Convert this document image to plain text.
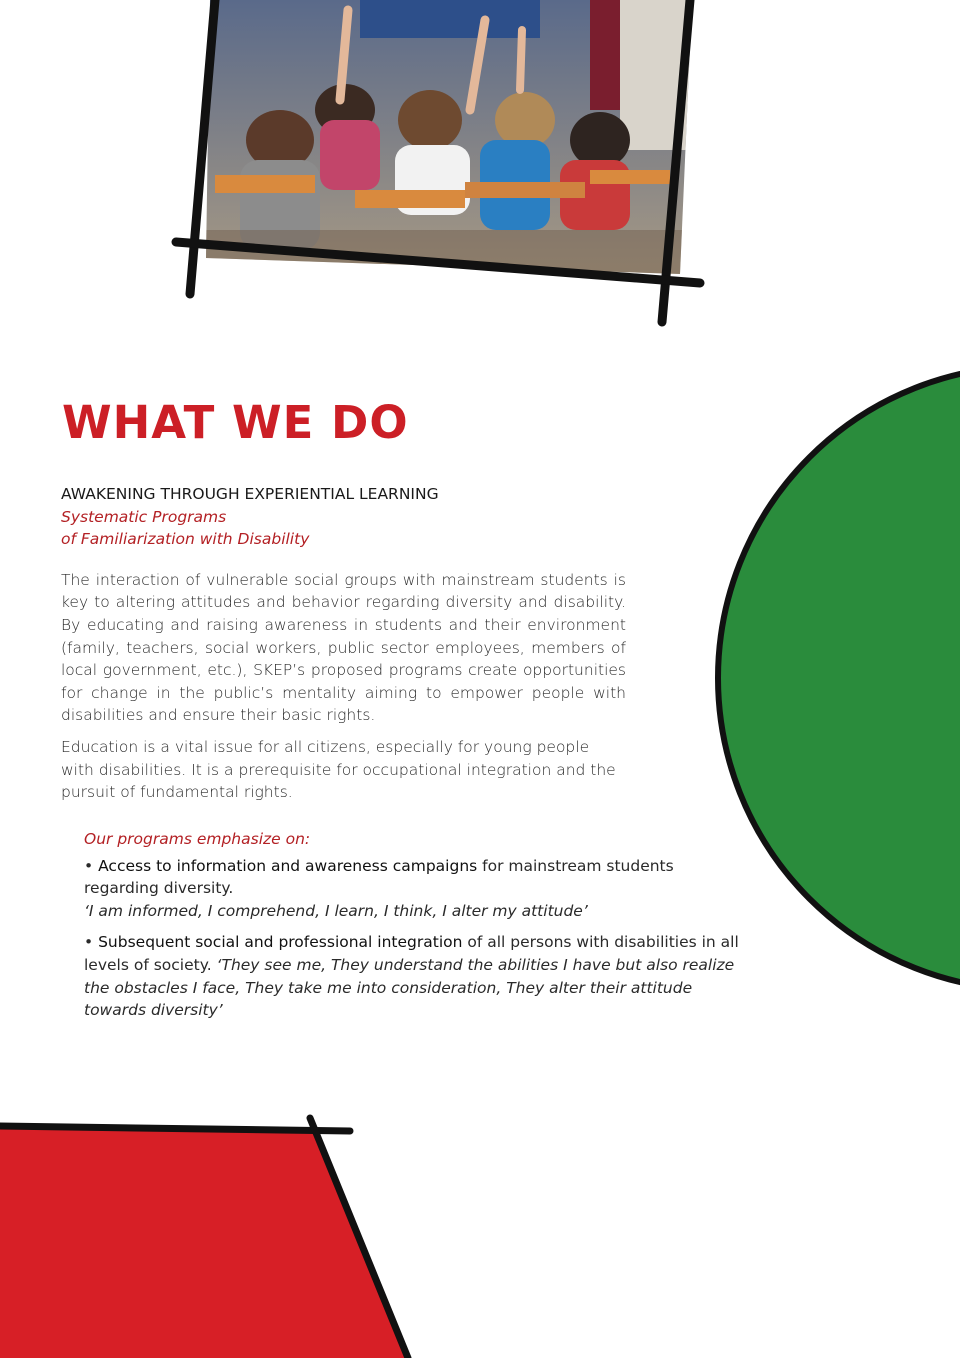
WHAT WE DO

AWAKENING THROUGH EXPERIENTIAL LEARNING

Systematic Programs

of Familiarization with Disability

The interaction of vulnerable social groups with mainstream students is key to altering attitudes and behavior regarding diversity and disability. By educating and raising awareness in students and their environment (family, teachers, social workers, public sector employees, members of local government, etc.), SKEP’s proposed programs create opportunities for change in the public’s mentality aiming to empower people with disabilities and ensure their basic rights.

Education is a vital issue for all citizens, especially for young people with disabilities. It is a prerequisite for occupational integration and the pursuit of fundamental rights.

Our programs emphasize on:

• Access to information and awareness campaigns for mainstream students regarding diversity.
‘I am informed, I comprehend, I learn, I think, I alter my attitude’

• Subsequent social and professional integration of all persons with disabilities in all levels of society. ‘They see me, They understand the abilities I have but also realize the obstacles I face, They take me into consideration, They alter their attitude towards diversity’
